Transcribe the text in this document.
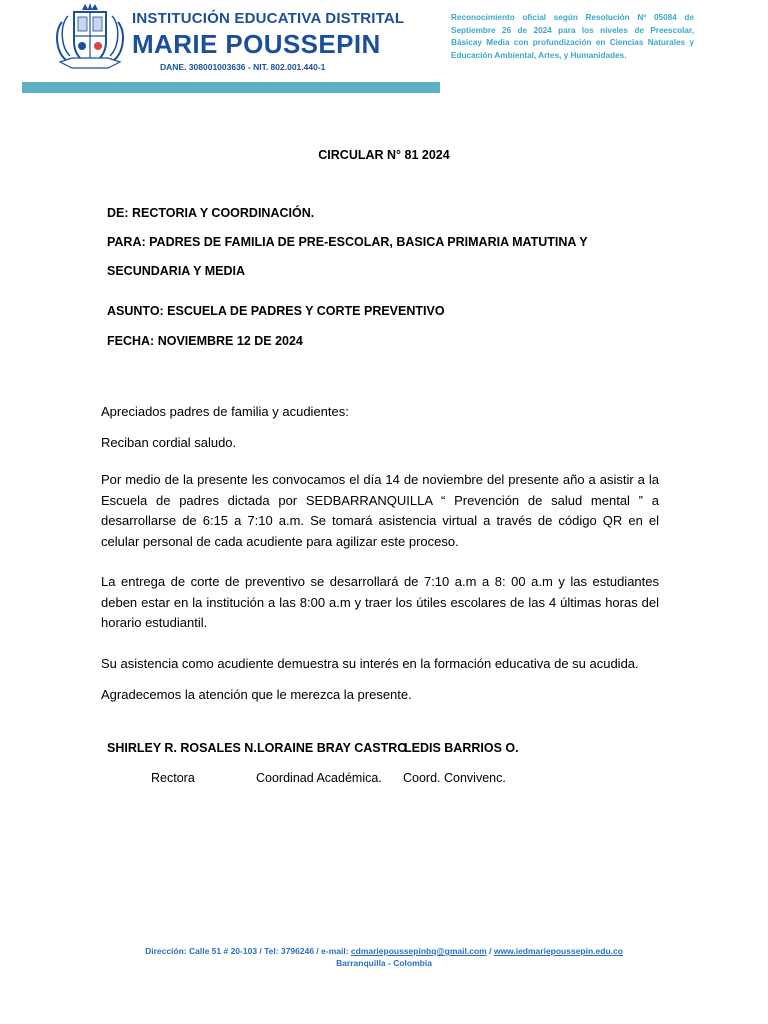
INSTITUCIÓN EDUCATIVA DISTRITAL
MARIE POUSSEPIN
DANE. 308001003636 - NIT. 802.001.440-1
Reconocimiento oficial según Resolución Nº 05084 de Septiembre 26 de 2024 para los niveles de Preescolar, Básicay Media con profundización en Ciencias Naturales y Educación Ambiental, Artes, y Humanidades.
CIRCULAR N° 81 2024
DE: RECTORIA Y COORDINACIÓN.
PARA: PADRES DE FAMILIA DE PRE-ESCOLAR, BASICA PRIMARIA MATUTINA Y
SECUNDARIA Y MEDIA
ASUNTO: ESCUELA DE PADRES Y CORTE PREVENTIVO
FECHA: NOVIEMBRE 12 DE 2024
Apreciados padres de familia y acudientes:
Reciban cordial saludo.
Por medio de la presente les convocamos el día 14 de noviembre del presente año a asistir a la Escuela de padres dictada por SEDBARRANQUILLA “ Prevención de salud mental ” a desarrollarse de 6:15 a 7:10 a.m. Se tomará asistencia virtual a través de código QR en el celular personal de cada acudiente para agilizar este proceso.
La entrega de corte de preventivo se desarrollará de 7:10 a.m a 8: 00 a.m y las estudiantes deben estar en la institución a las 8:00 a.m y traer los útiles escolares de las 4 últimas horas del horario estudiantil.
Su asistencia como acudiente demuestra su interés en la formación educativa de su acudida.
Agradecemos la atención que le merezca la presente.
SHIRLEY R. ROSALES N. LORAINE BRAY CASTRO
LEDIS BARRIOS O.
Rectora	Coordinad Académica. Coord. Convivenc.
Dirección: Calle 51 # 20-103 / Tel: 3796246 / e-mail: cdmariepoussepinbq@gmail.com / www.iedmariepoussepin.edu.co
Barranquilla - Colombia
